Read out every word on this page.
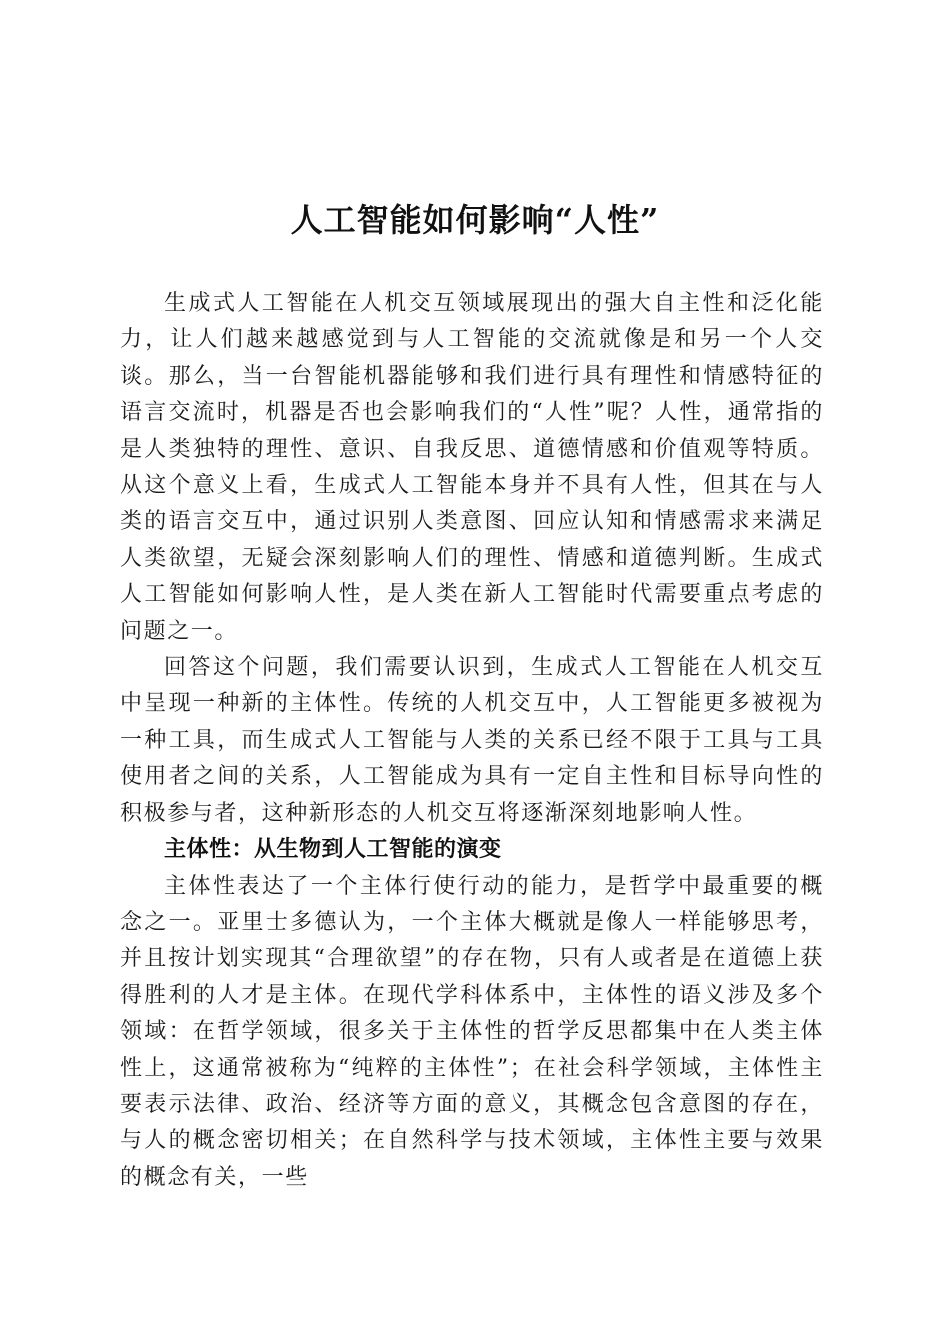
人工智能如何影响“人性”

生成式人工智能在人机交互领域展现出的强大自主性和泛化能力，让人们越来越感觉到与人工智能的交流就像是和另一个人交谈。那么，当一台智能机器能够和我们进行具有理性和情感特征的语言交流时，机器是否也会影响我们的“人性”呢？人性，通常指的是人类独特的理性、意识、自我反思、道德情感和价值观等特质。从这个意义上看，生成式人工智能本身并不具有人性，但其在与人类的语言交互中，通过识别人类意图、回应认知和情感需求来满足人类欲望，无疑会深刻影响人们的理性、情感和道德判断。生成式人工智能如何影响人性，是人类在新人工智能时代需要重点考虑的问题之一。

回答这个问题，我们需要认识到，生成式人工智能在人机交互中呈现一种新的主体性。传统的人机交互中，人工智能更多被视为一种工具，而生成式人工智能与人类的关系已经不限于工具与工具使用者之间的关系，人工智能成为具有一定自主性和目标导向性的积极参与者，这种新形态的人机交互将逐渐深刻地影响人性。

主体性：从生物到人工智能的演变

主体性表达了一个主体行使行动的能力，是哲学中最重要的概念之一。亚里士多德认为，一个主体大概就是像人一样能够思考，并且按计划实现其“合理欲望”的存在物，只有人或者是在道德上获得胜利的人才是主体。在现代学科体系中，主体性的语义涉及多个领域：在哲学领域，很多关于主体性的哲学反思都集中在人类主体性上，这通常被称为“纯粹的主体性”；在社会科学领域，主体性主要表示法律、政治、经济等方面的意义，其概念包含意图的存在，与人的概念密切相关；在自然科学与技术领域，主体性主要与效果的概念有关，一些
